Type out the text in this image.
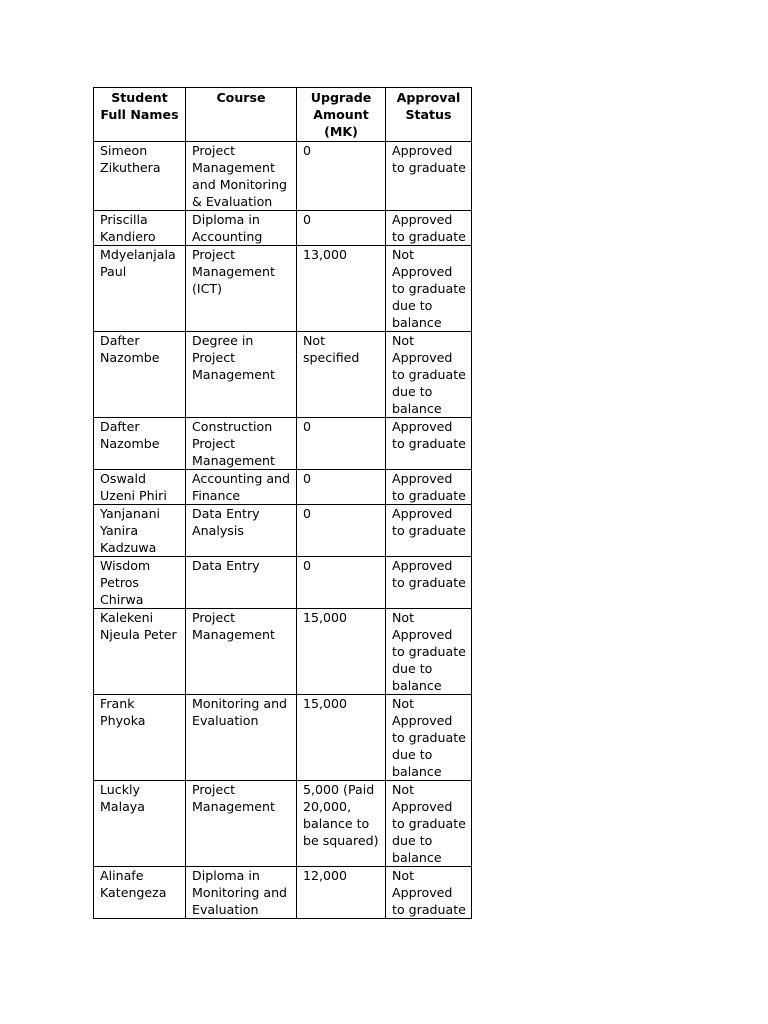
Student Full Names	Course	Upgrade Amount (MK)	Approval Status
Simeon Zikuthera	Project Management and Monitoring & Evaluation	0	Approved to graduate
Priscilla Kandiero	Diploma in Accounting	0	Approved to graduate
Mdyelanjala Paul	Project Management (ICT)	13,000	Not Approved to graduate due to balance
Dafter Nazombe	Degree in Project Management	Not specified	Not Approved to graduate due to balance
Dafter Nazombe	Construction Project Management	0	Approved to graduate
Oswald Uzeni Phiri	Accounting and Finance	0	Approved to graduate
Yanjanani Yanira Kadzuwa	Data Entry Analysis	0	Approved to graduate
Wisdom Petros Chirwa	Data Entry	0	Approved to graduate
Kalekeni Njeula Peter	Project Management	15,000	Not Approved to graduate due to balance
Frank Phyoka	Monitoring and Evaluation	15,000	Not Approved to graduate due to balance
Luckly Malaya	Project Management	5,000 (Paid 20,000, balance to be squared)	Not Approved to graduate due to balance
Alinafe Katengeza	Diploma in Monitoring and Evaluation	12,000	Not Approved to graduate
